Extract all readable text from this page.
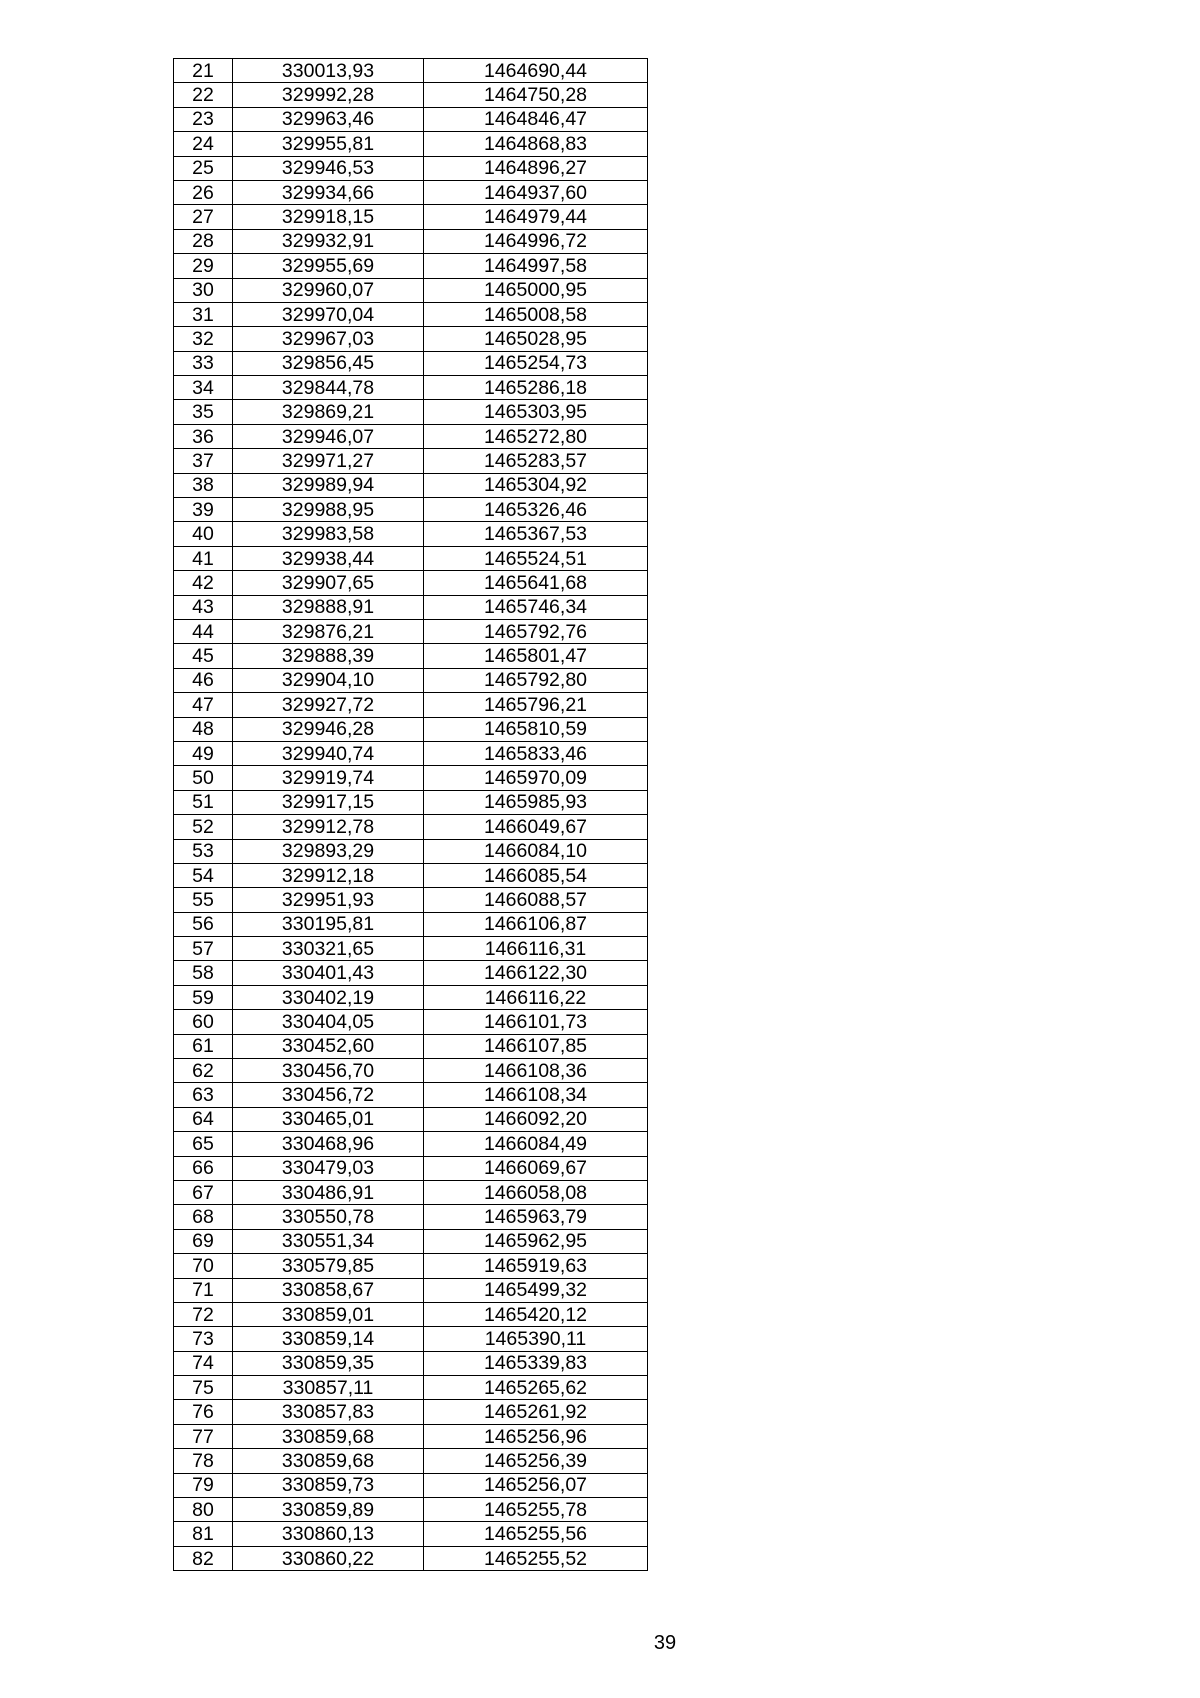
21	330013,93	1464690,44
22	329992,28	1464750,28
23	329963,46	1464846,47
24	329955,81	1464868,83
25	329946,53	1464896,27
26	329934,66	1464937,60
27	329918,15	1464979,44
28	329932,91	1464996,72
29	329955,69	1464997,58
30	329960,07	1465000,95
31	329970,04	1465008,58
32	329967,03	1465028,95
33	329856,45	1465254,73
34	329844,78	1465286,18
35	329869,21	1465303,95
36	329946,07	1465272,80
37	329971,27	1465283,57
38	329989,94	1465304,92
39	329988,95	1465326,46
40	329983,58	1465367,53
41	329938,44	1465524,51
42	329907,65	1465641,68
43	329888,91	1465746,34
44	329876,21	1465792,76
45	329888,39	1465801,47
46	329904,10	1465792,80
47	329927,72	1465796,21
48	329946,28	1465810,59
49	329940,74	1465833,46
50	329919,74	1465970,09
51	329917,15	1465985,93
52	329912,78	1466049,67
53	329893,29	1466084,10
54	329912,18	1466085,54
55	329951,93	1466088,57
56	330195,81	1466106,87
57	330321,65	1466116,31
58	330401,43	1466122,30
59	330402,19	1466116,22
60	330404,05	1466101,73
61	330452,60	1466107,85
62	330456,70	1466108,36
63	330456,72	1466108,34
64	330465,01	1466092,20
65	330468,96	1466084,49
66	330479,03	1466069,67
67	330486,91	1466058,08
68	330550,78	1465963,79
69	330551,34	1465962,95
70	330579,85	1465919,63
71	330858,67	1465499,32
72	330859,01	1465420,12
73	330859,14	1465390,11
74	330859,35	1465339,83
75	330857,11	1465265,62
76	330857,83	1465261,92
77	330859,68	1465256,96
78	330859,68	1465256,39
79	330859,73	1465256,07
80	330859,89	1465255,78
81	330860,13	1465255,56
82	330860,22	1465255,52
39
